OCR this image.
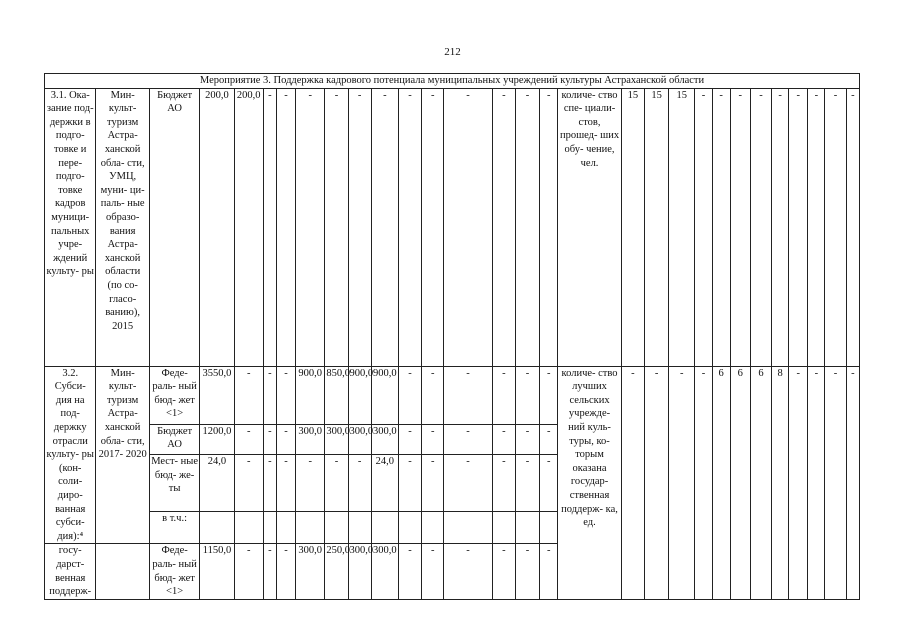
212
Мероприятие 3. Поддержка кадрового потенциала муниципальных учреждений культуры Астраханской области																													
3.1. Ока- зание под- держки в подго- товке и пере- подго- товке кадров муници- пальных учре- ждений культу- ры	Мин- культ- туризм Астра- ханской обла- сти, УМЦ, муни- ци- паль- ные образо- вания Астра- ханской области (по со- гласо- ванию), 2015	Бюджет АО	200,0	200,0	-	-	-	-	-	-	-	-	-	-	-	-	количе- ство спе- циали- стов, прошед- ших обу- чение, чел.	15	15	15	-	-	-	-	-	-	-	-	-
3.2. Субси- дия на под- держку отрасли культу- ры (кон- соли- диро- ванная субси- дия):⁴	Мин- культ- туризм Астра- ханской обла- сти, 2017- 2020	Феде- раль- ный бюд- жет <1>	3550,0	-	-	-	900,0	850,0	900,0	900,0	-	-	-	-	-	-	количе- ство лучших сельских учрежде- ний куль- туры, ко- торым оказана государ- ственная поддерж- ка, ед.	-	-	-	-	6	6	6	8	-	-	-	-
		Бюджет АО	1200,0	-	-	-	300,0	300,0	300,0	300,0	-	-	-	-	-	-													
		Мест- ные бюд- же- ты	24,0	-	-	-	-	-	-	24,0	-	-	-	-	-	-													
		в т.ч.:																											
госу- дарст- венная поддерж-		Феде- раль- ный бюд- жет <1>	1150,0	-	-	-	300,0	250,0	300,0	300,0	-	-	-	-	-	-													
